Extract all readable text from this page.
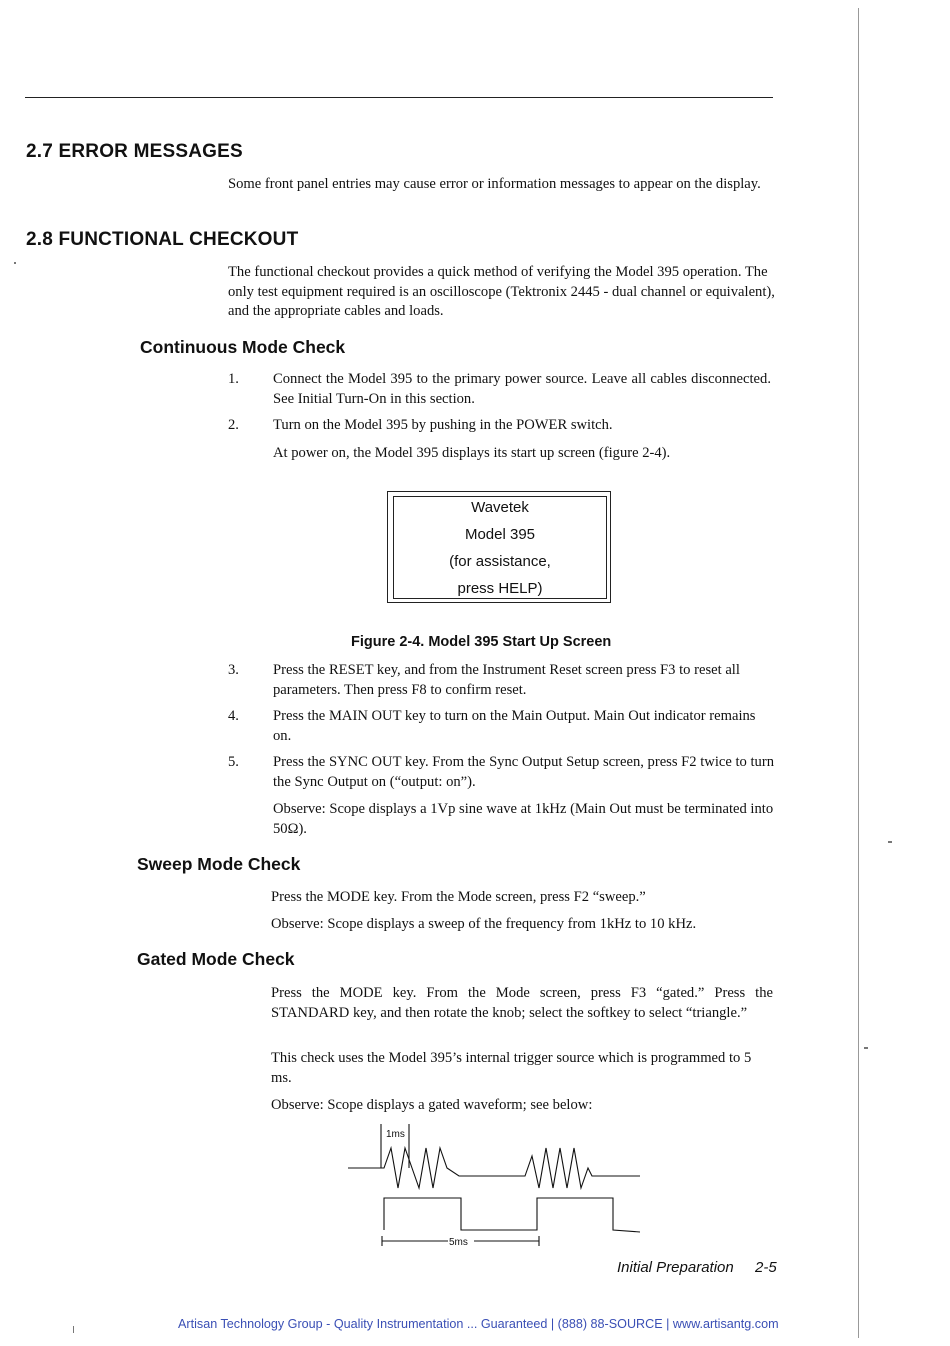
2.7 ERROR MESSAGES

Some front panel entries may cause error or information messages to appear on the display.

2.8 FUNCTIONAL CHECKOUT

The functional checkout provides a quick method of verifying the Model 395 operation. The only test equipment required is an oscilloscope (Tektronix 2445 - dual channel or equivalent), and the appropriate cables and loads.

Continuous Mode Check
1.	Connect the Model 395 to the primary power source. Leave all cables disconnected. See Initial Turn-On in this section.

2.	Turn on the Model 395 by pushing in the POWER switch.

At power on, the Model 395 displays its start up screen (figure 2-4).

Wavetek
Model 395
(for assistance,
press HELP)

Figure 2-4. Model 395 Start Up Screen

3.	Press the RESET key, and from the Instrument Reset screen press F3 to reset all parameters. Then press F8 to confirm reset.

4.	Press the MAIN OUT key to turn on the Main Output. Main Out indicator remains on.

5.	Press the SYNC OUT key. From the Sync Output Setup screen, press F2 twice to turn the Sync Output on (“output: on”).

Observe: Scope displays a 1Vp sine wave at 1kHz (Main Out must be terminated into 50Ω).

Sweep Mode Check

Press the MODE key. From the Mode screen, press F2 “sweep.”

Observe: Scope displays a sweep of the frequency from 1kHz to 10 kHz.

Gated Mode Check

Press the MODE key. From the Mode screen, press F3 “gated.” Press the STANDARD key, and then rotate the knob; select the softkey to select “triangle.”

This check uses the Model 395’s internal trigger source which is programmed to 5 ms.

Observe: Scope displays a gated waveform; see below:

1ms
5ms
Initial Preparation 2-5

Artisan Technology Group - Quality Instrumentation ... Guaranteed | (888) 88-SOURCE | www.artisantg.com
